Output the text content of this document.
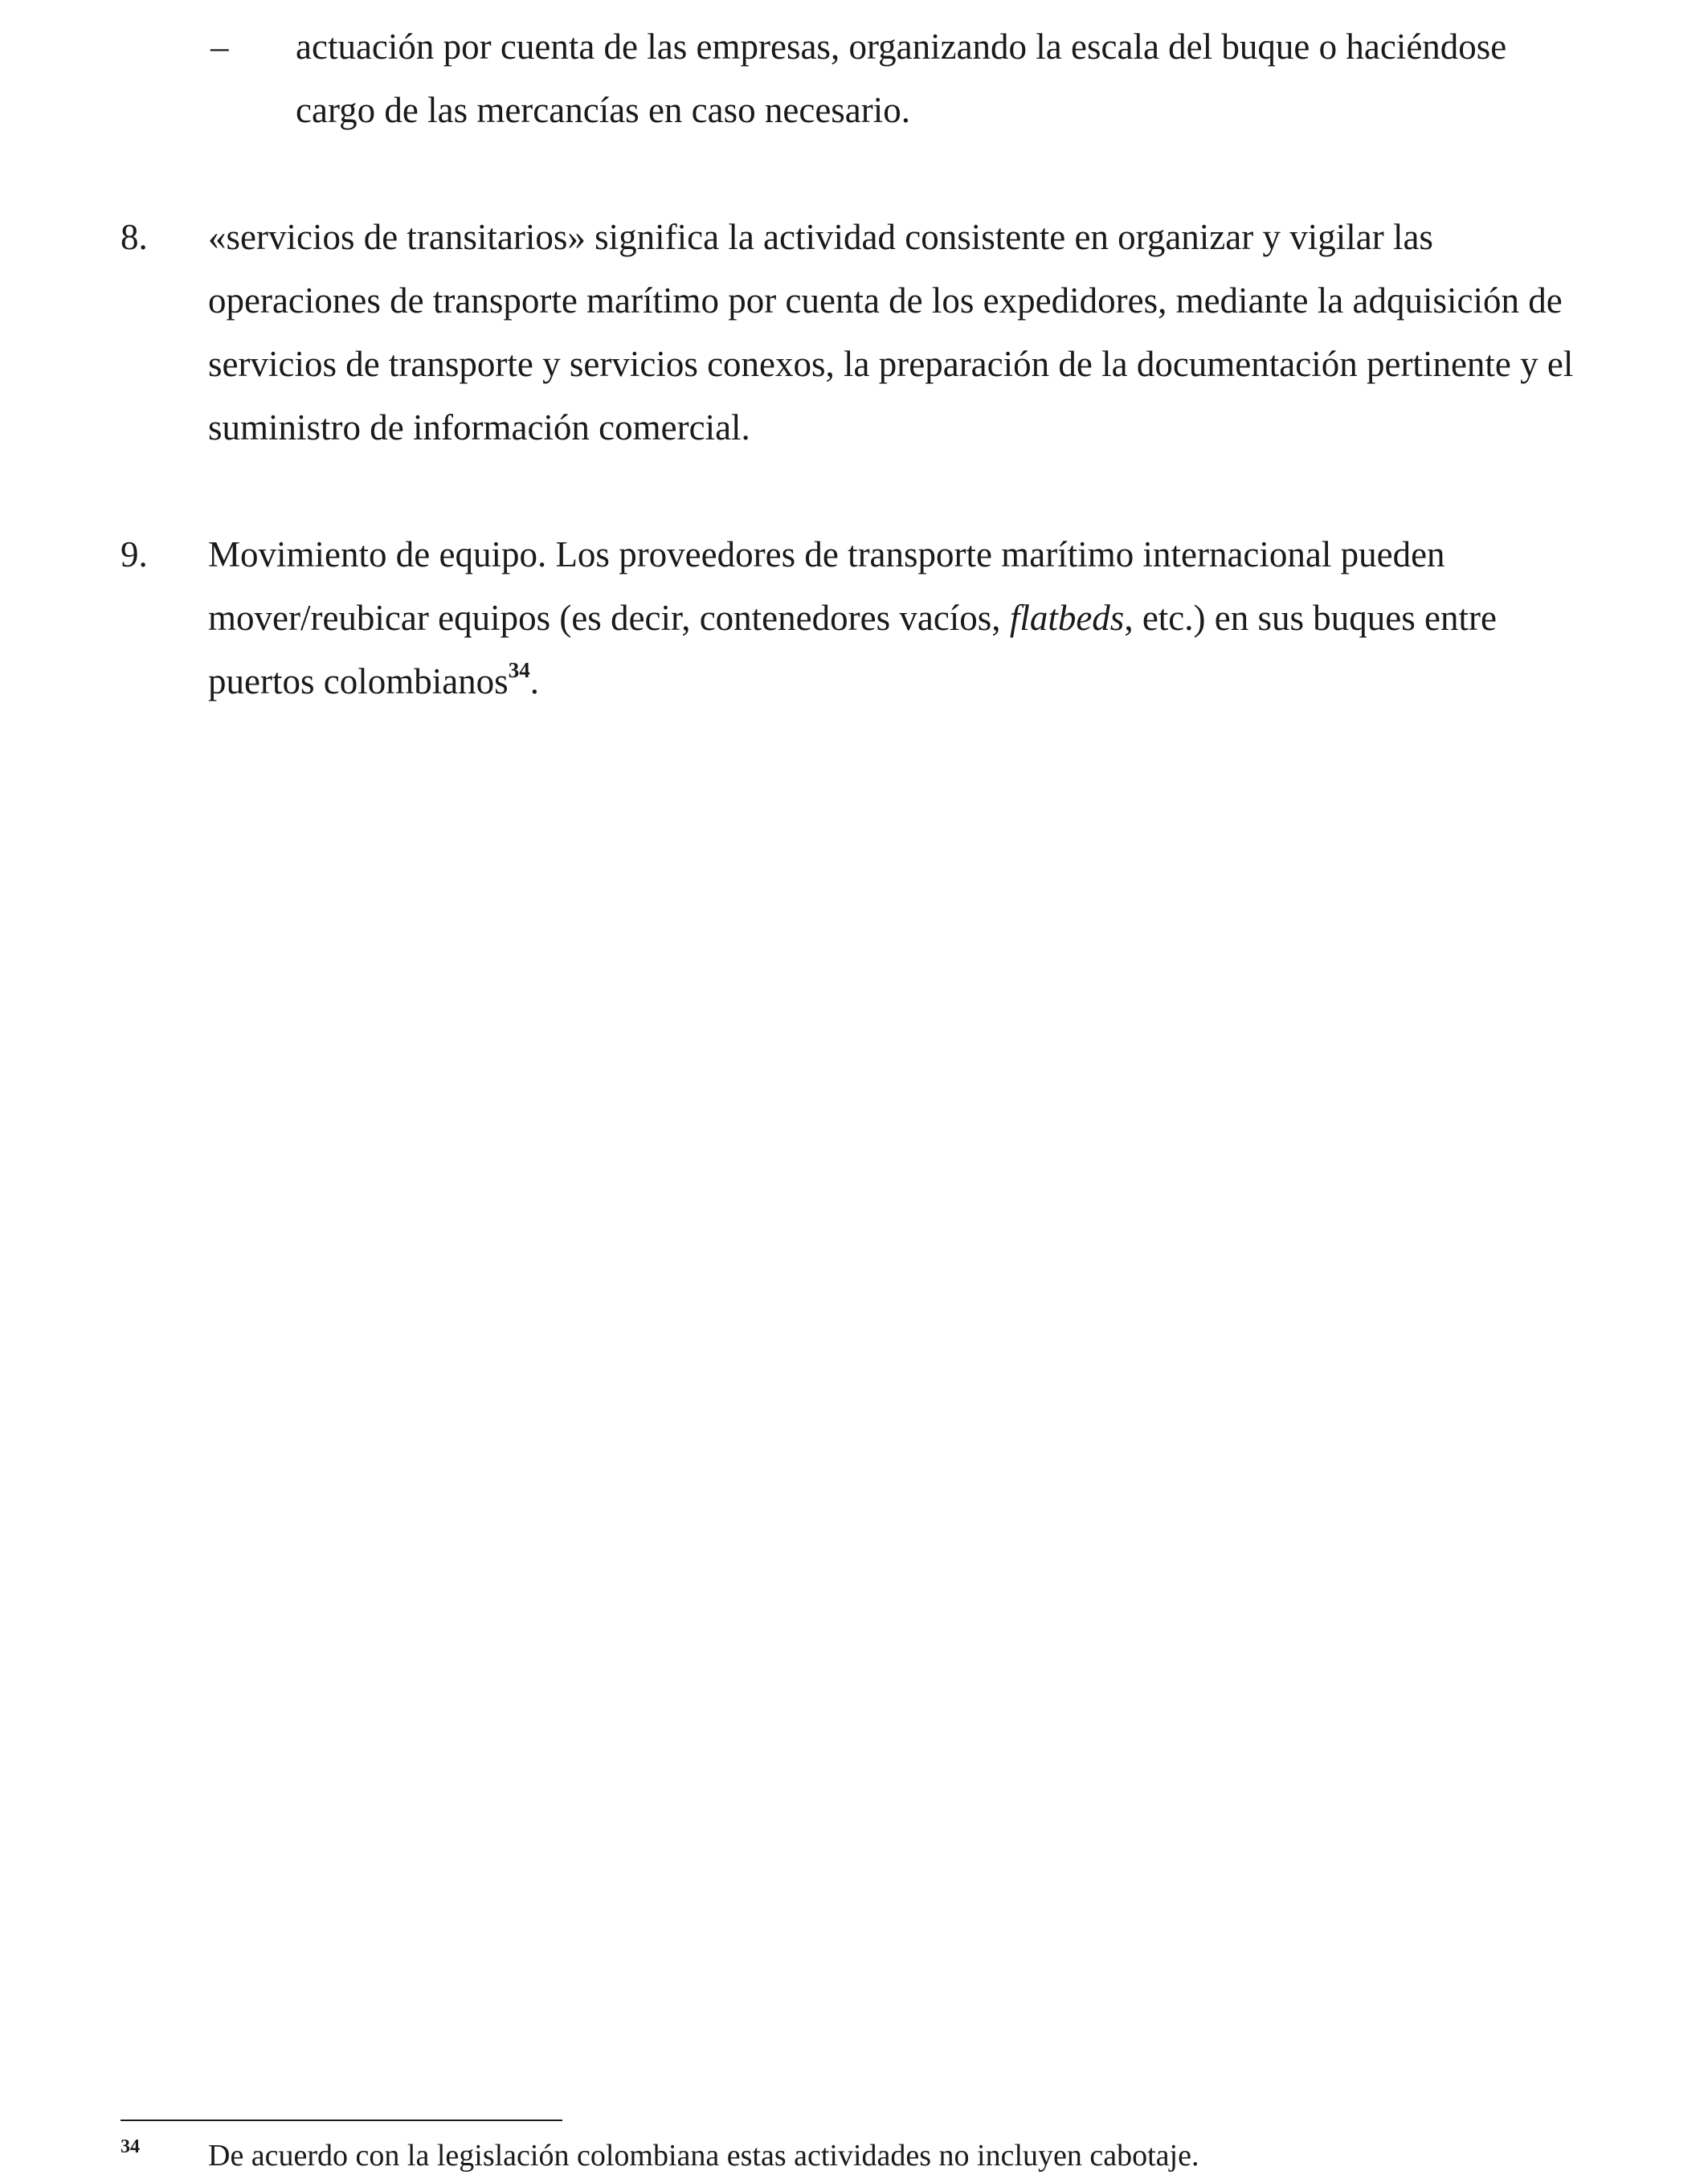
– actuación por cuenta de las empresas, organizando la escala del buque o haciéndose
cargo de las mercancías en caso necesario.
8. «servicios de transitarios» significa la actividad consistente en organizar y vigilar las
operaciones de transporte marítimo por cuenta de los expedidores, mediante la adquisición de
servicios de transporte y servicios conexos, la preparación de la documentación pertinente y el
suministro de información comercial.
9. Movimiento de equipo. Los proveedores de transporte marítimo internacional pueden
mover/reubicar equipos (es decir, contenedores vacíos, flatbeds, etc.) en sus buques entre
puertos colombianos$^{34}$.
34 De acuerdo con la legislación colombiana estas actividades no incluyen cabotaje.
